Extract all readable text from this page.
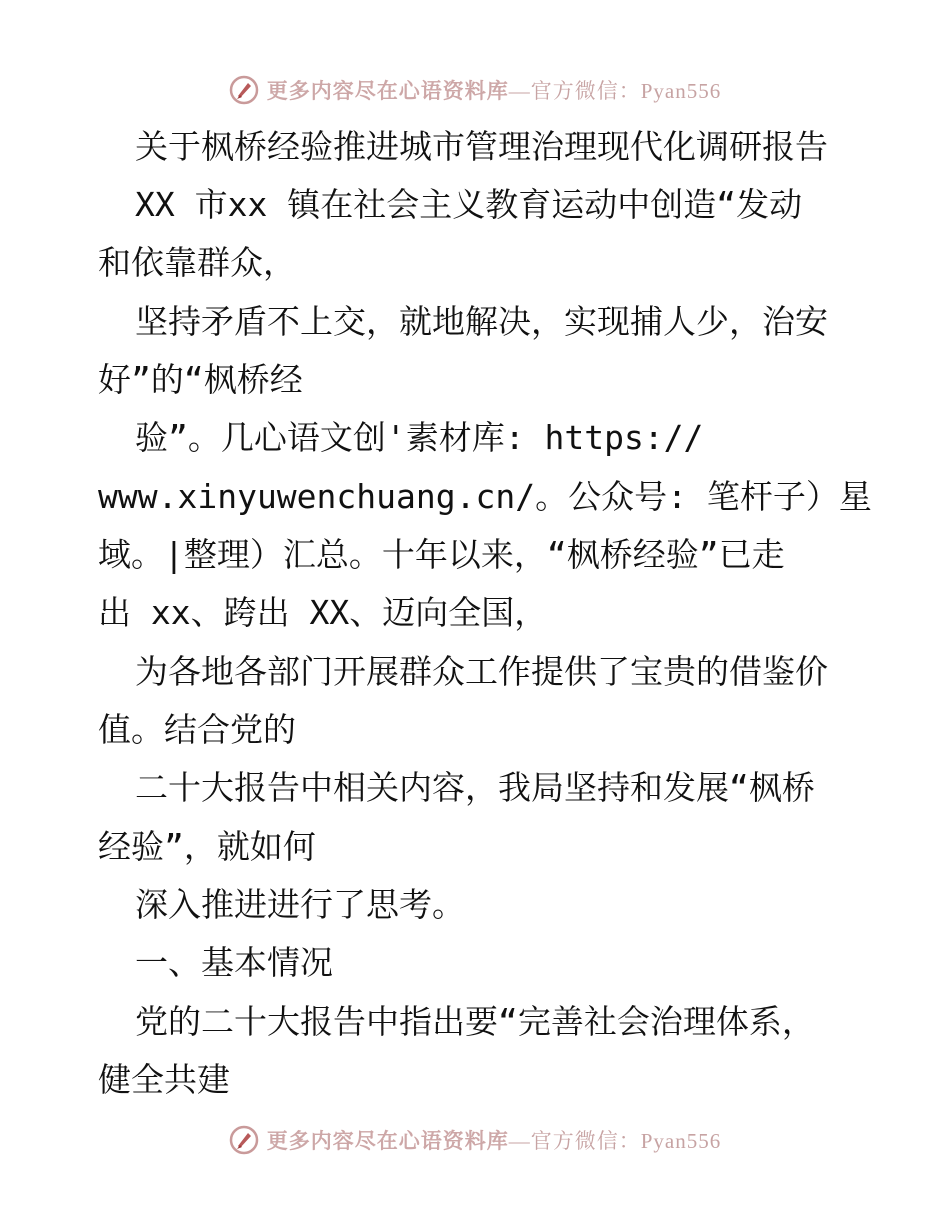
更多内容尽在心语资料库—官方微信：Pyan556
关于枫桥经验推进城市管理治理现代化调研报告
XX 市xx 镇在社会主义教育运动中创造“发动
和依靠群众，
坚持矛盾不上交，就地解决，实现捕人少，治安
好”的“枫桥经
验”。几心语文创'素材库: https://
www.xinyuwenchuang.cn/。公众号: 笔杆子）星
域。|整理）汇总。十年以来，“枫桥经验”已走
出 xx、跨出 XX、迈向全国，
为各地各部门开展群众工作提供了宝贵的借鉴价
值。结合党的
二十大报告中相关内容，我局坚持和发展“枫桥
经验”，就如何
深入推进进行了思考。
一、基本情况
党的二十大报告中指出要“完善社会治理体系，
健全共建
更多内容尽在心语资料库—官方微信：Pyan556
